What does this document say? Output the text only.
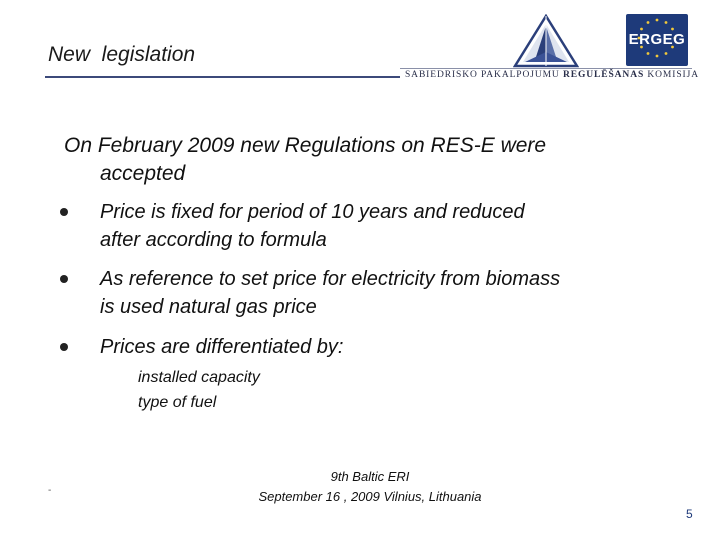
New  legislation
ERGEG
SABIEDRISKO PAKALPOJUMU REGULĒŠANAS KOMISIJA
On February 2009 new Regulations on RES-E were
accepted
Price is fixed for period of 10 years and reduced
after according to formula
As reference to set price for electricity from biomass
is used natural gas price
Prices are differentiated by:
installed capacity
type of fuel
9th Baltic ERI
September 16 , 2009 Vilnius, Lithuania
-
5
